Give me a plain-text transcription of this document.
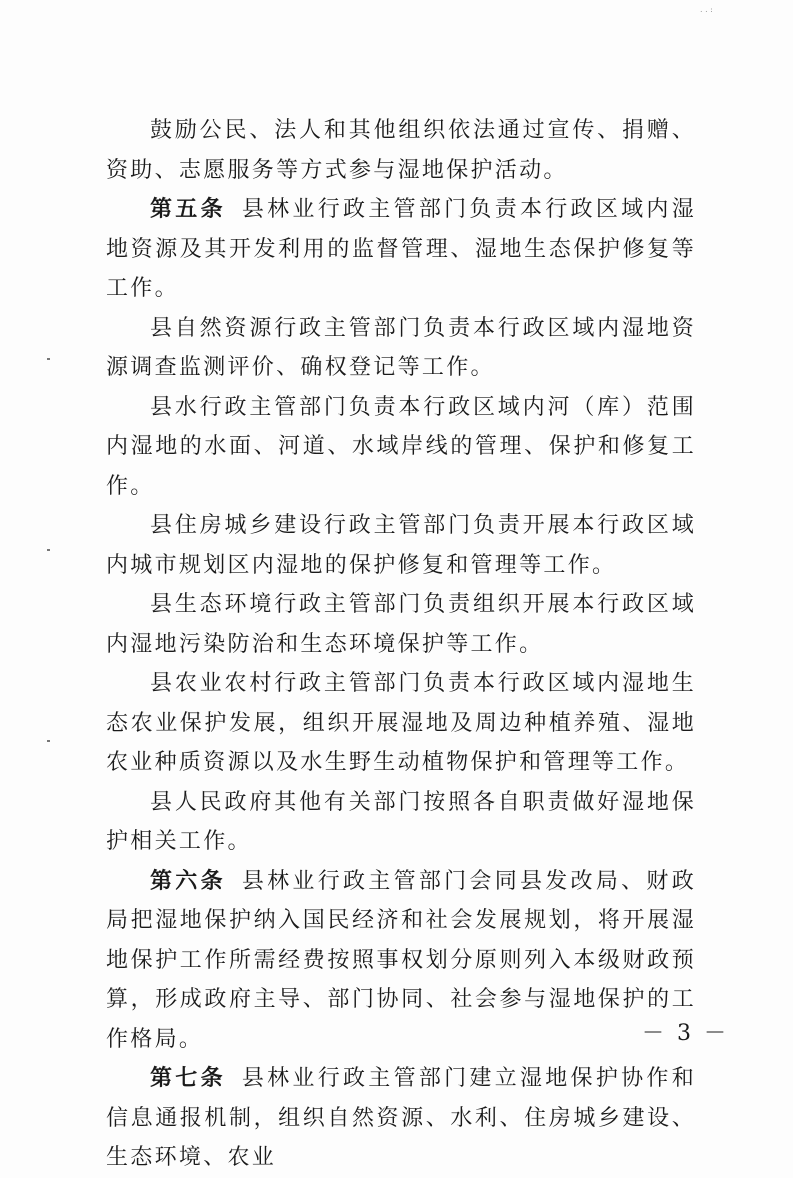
. . :

鼓励公民、法人和其他组织依法通过宣传、捐赠、资助、志愿服务等方式参与湿地保护活动。

第五条 县林业行政主管部门负责本行政区域内湿地资源及其开发利用的监督管理、湿地生态保护修复等工作。

县自然资源行政主管部门负责本行政区域内湿地资源调查监测评价、确权登记等工作。

县水行政主管部门负责本行政区域内河（库）范围内湿地的水面、河道、水域岸线的管理、保护和修复工作。

县住房城乡建设行政主管部门负责开展本行政区域内城市规划区内湿地的保护修复和管理等工作。

县生态环境行政主管部门负责组织开展本行政区域内湿地污染防治和生态环境保护等工作。

县农业农村行政主管部门负责本行政区域内湿地生态农业保护发展，组织开展湿地及周边种植养殖、湿地农业种质资源以及水生野生动植物保护和管理等工作。

县人民政府其他有关部门按照各自职责做好湿地保护相关工作。

第六条 县林业行政主管部门会同县发改局、财政局把湿地保护纳入国民经济和社会发展规划，将开展湿地保护工作所需经费按照事权划分原则列入本级财政预算，形成政府主导、部门协同、社会参与湿地保护的工作格局。

第七条 县林业行政主管部门建立湿地保护协作和信息通报机制，组织自然资源、水利、住房城乡建设、生态环境、农业

－ 3 －
